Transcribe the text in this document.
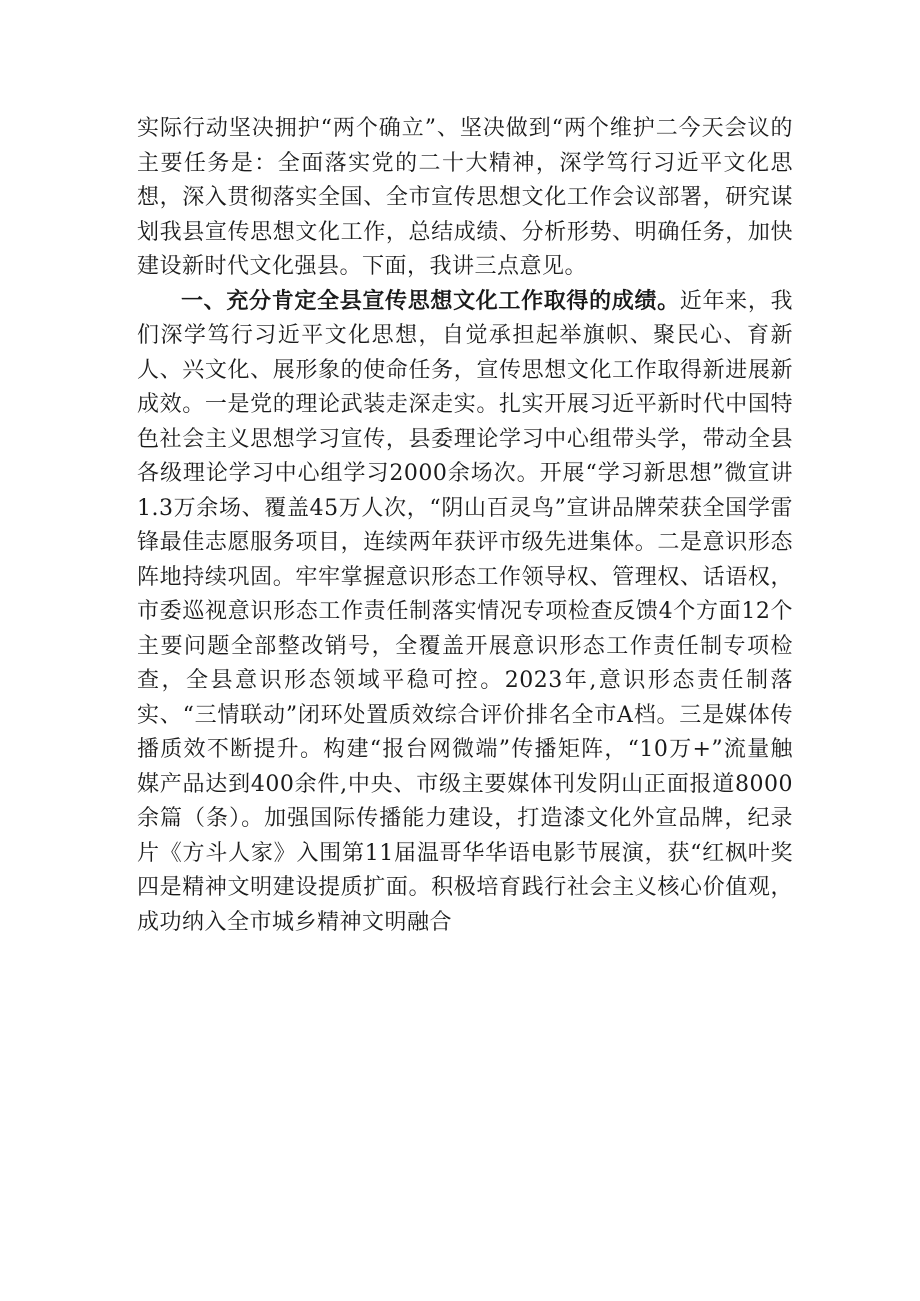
实际行动坚决拥护“两个确立”、坚决做到“两个维护二今天会议的主要任务是：全面落实党的二十大精神，深学笃行习近平文化思想，深入贯彻落实全国、全市宣传思想文化工作会议部署，研究谋划我县宣传思想文化工作，总结成绩、分析形势、明确任务，加快建设新时代文化强县。下面，我讲三点意见。

一、充分肯定全县宣传思想文化工作取得的成绩。近年来，我们深学笃行习近平文化思想，自觉承担起举旗帜、聚民心、育新人、兴文化、展形象的使命任务，宣传思想文化工作取得新进展新成效。一是党的理论武装走深走实。扎实开展习近平新时代中国特色社会主义思想学习宣传，县委理论学习中心组带头学，带动全县各级理论学习中心组学习2000余场次。开展“学习新思想”微宣讲1.3万余场、覆盖45万人次，“阴山百灵鸟”宣讲品牌荣获全国学雷锋最佳志愿服务项目，连续两年获评市级先进集体。二是意识形态阵地持续巩固。牢牢掌握意识形态工作领导权、管理权、话语权，市委巡视意识形态工作责任制落实情况专项检查反馈4个方面12个主要问题全部整改销号，全覆盖开展意识形态工作责任制专项检查，全县意识形态领域平稳可控。2023年,意识形态责任制落实、“三情联动”闭环处置质效综合评价排名全市A档。三是媒体传播质效不断提升。构建“报台网微端”传播矩阵，“10万+”流量触媒产品达到400余件,中央、市级主要媒体刊发阴山正面报道8000余篇（条）。加强国际传播能力建设，打造漆文化外宣品牌，纪录片《方斗人家》入围第11届温哥华华语电影节展演，获“红枫叶奖四是精神文明建设提质扩面。积极培育践行社会主义核心价值观，成功纳入全市城乡精神文明融合
